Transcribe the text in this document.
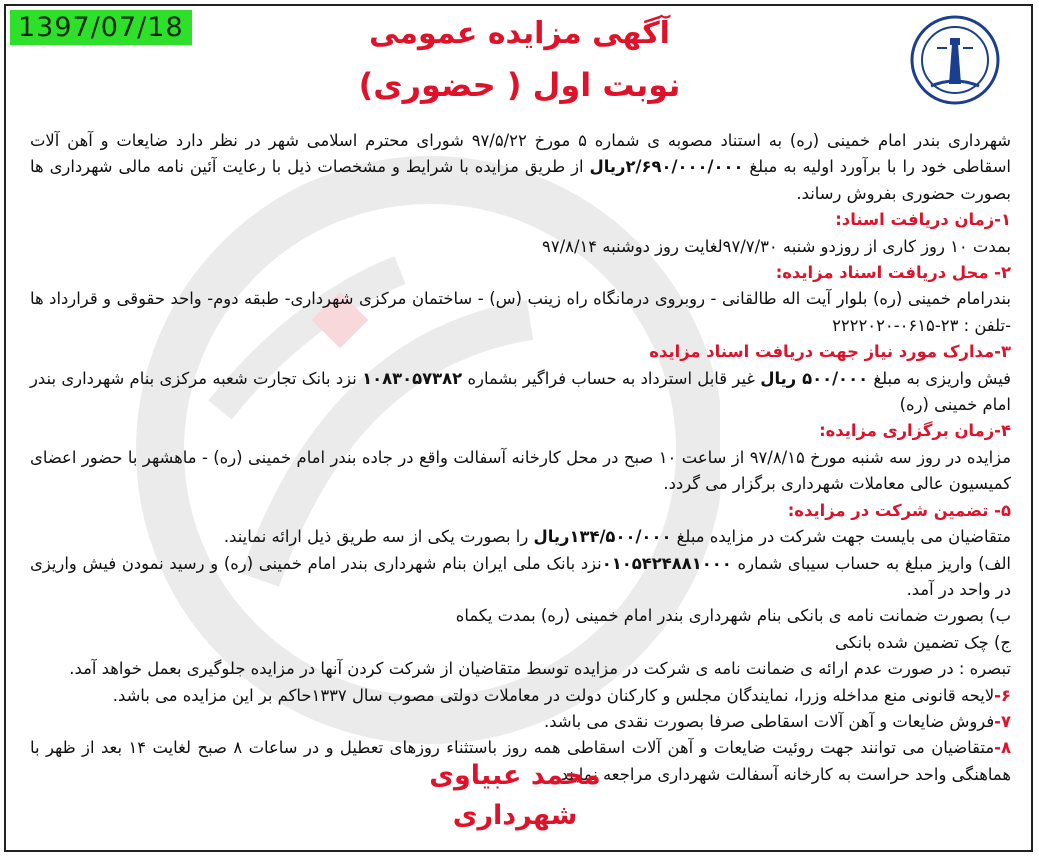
1397/07/18	آگهی مزایده عمومی
نوبت اول ( حضوری)

شهرداری بندر امام خمینی (ره) به استناد مصوبه ی شماره ۵ مورخ ۹۷/۵/۲۲ شورای محترم اسلامی شهر در نظر دارد ضایعات و آهن آلات اسقاطی خود را با برآورد اولیه به مبلغ ۲/۶۹۰/۰۰۰/۰۰۰ریال از طریق مزایده با شرایط و مشخصات ذیل با رعایت آئین نامه مالی شهرداری ها بصورت حضوری بفروش رساند.

۱-زمان دریافت اسناد:

بمدت ۱۰ روز کاری از روزدو شنبه ۹۷/۷/۳۰لغایت روز دوشنبه ۹۷/۸/۱۴

۲- محل دریافت اسناد مزایده:

بندرامام خمینی (ره) بلوار آیت اله طالقانی - روبروی درمانگاه راه زینب (س) - ساختمان مرکزی شهرداری- طبقه دوم- واحد حقوقی و قرارداد ها -تلفن : ۲۳-۰۶۱۵-۲۲۲۲۰۲۰

۳-مدارک مورد نیاز جهت دریافت اسناد مزایده

فیش واریزی به مبلغ ۵۰۰/۰۰۰ ریال غیر قابل استرداد به حساب فراگیر بشماره ۱۰۸۳۰۵۷۳۸۲ نزد بانک تجارت شعبه مرکزی بنام شهرداری بندر امام خمینی (ره)

۴-زمان برگزاری مزایده:

مزایده در روز سه شنبه مورخ ۹۷/۸/۱۵ از ساعت ۱۰ صبح در محل کارخانه آسفالت واقع در جاده بندر امام خمینی (ره) - ماهشهر با حضور اعضای کمیسیون عالی معاملات شهرداری برگزار می گردد.

۵- تضمین شرکت در مزایده:

متقاضیان می بایست جهت شرکت در مزایده مبلغ ۱۳۴/۵۰۰/۰۰۰ریال را بصورت یکی از سه طریق ذیل ارائه نمایند.

الف) واریز مبلغ به حساب سیبای شماره ۰۱۰۵۴۲۴۸۸۱۰۰۰نزد بانک ملی ایران بنام شهرداری بندر امام خمینی (ره) و رسید نمودن فیش واریزی در واحد در آمد.

ب) بصورت ضمانت نامه ی بانکی بنام شهرداری بندر امام خمینی (ره) بمدت یکماه

ج) چک تضمین شده بانکی

تبصره : در صورت عدم ارائه ی ضمانت نامه ی شرکت در مزایده توسط متقاضیان از شرکت کردن آنها در مزایده جلوگیری بعمل خواهد آمد.

۶-لایحه قانونی منع مداخله وزرا، نمایندگان مجلس و کارکنان دولت در معاملات دولتی مصوب سال ۱۳۳۷حاکم بر این مزایده می باشد.

۷-فروش ضایعات و آهن آلات اسقاطی صرفا بصورت نقدی می باشد.

۸-متقاضیان می توانند جهت روئیت ضایعات و آهن آلات اسقاطی همه روز باستثناء روزهای تعطیل و در ساعات ۸ صبح لغایت ۱۴ بعد از ظهر با هماهنگی واحد حراست به کارخانه آسفالت شهرداری مراجعه نمایند.

محمد عبیاوی
شهرداری
